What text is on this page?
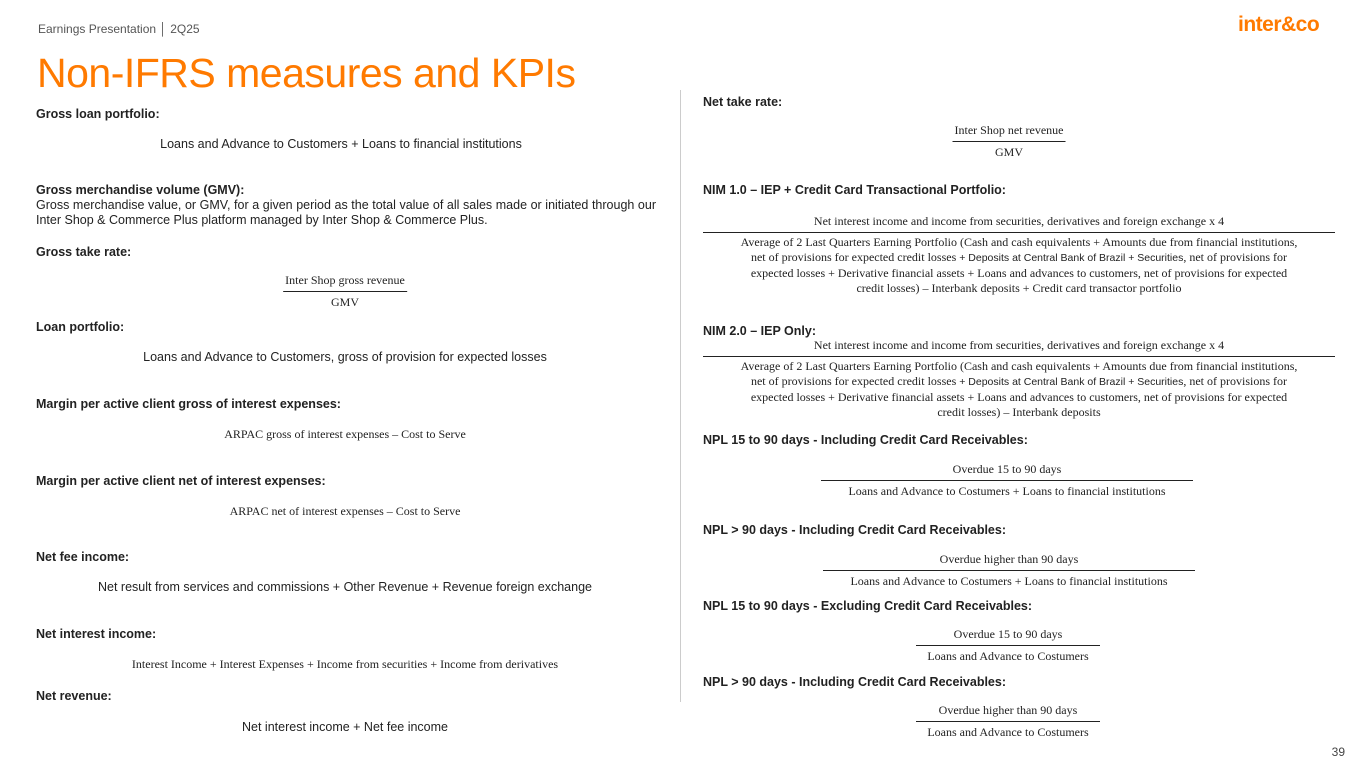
Earnings Presentation │ 2Q25	inter&co
Non-IFRS measures and KPIs
Gross loan portfolio:
Loans and Advance to Customers + Loans to financial institutions
Gross merchandise volume (GMV):
Gross merchandise value, or GMV, for a given period as the total value of all sales made or initiated through our Inter Shop & Commerce Plus platform managed by Inter Shop & Commerce Plus.
Gross take rate:
Inter Shop gross revenue
GMV
Loan portfolio:
Loans and Advance to Customers, gross of provision for expected losses
Margin per active client gross of interest expenses:
ARPAC gross of interest expenses – Cost to Serve
Margin per active client net of interest expenses:
ARPAC net of interest expenses – Cost to Serve
Net fee income:
Net result from services and commissions + Other Revenue + Revenue foreign exchange
Net interest income:
Interest Income + Interest Expenses + Income from securities + Income from derivatives
Net revenue:
Net interest income + Net fee income
Net take rate:
Inter Shop net revenue
GMV
NIM 1.0 – IEP + Credit Card Transactional Portfolio:
Net interest income and income from securities, derivatives and foreign exchange x 4
Average of 2 Last Quarters Earning Portfolio (Cash and cash equivalents + Amounts due from financial institutions,
net of provisions for expected credit losses + Deposits at Central Bank of Brazil + Securities, net of provisions for
expected losses + Derivative financial assets + Loans and advances to customers, net of provisions for expected
credit losses) – Interbank deposits + Credit card transactor portfolio
NIM 2.0 – IEP Only:
Net interest income and income from securities, derivatives and foreign exchange x 4
Average of 2 Last Quarters Earning Portfolio (Cash and cash equivalents + Amounts due from financial institutions,
net of provisions for expected credit losses + Deposits at Central Bank of Brazil + Securities, net of provisions for
expected losses + Derivative financial assets + Loans and advances to customers, net of provisions for expected
credit losses) – Interbank deposits
NPL 15 to 90 days - Including Credit Card Receivables:
Overdue 15 to 90 days
Loans and Advance to Costumers + Loans to financial institutions
NPL > 90 days - Including Credit Card Receivables:
Overdue higher than 90 days
Loans and Advance to Costumers + Loans to financial institutions
NPL 15 to 90 days - Excluding Credit Card Receivables:
Overdue 15 to 90 days
Loans and Advance to Costumers
NPL > 90 days - Including Credit Card Receivables:
Overdue higher than 90 days
Loans and Advance to Costumers
39
